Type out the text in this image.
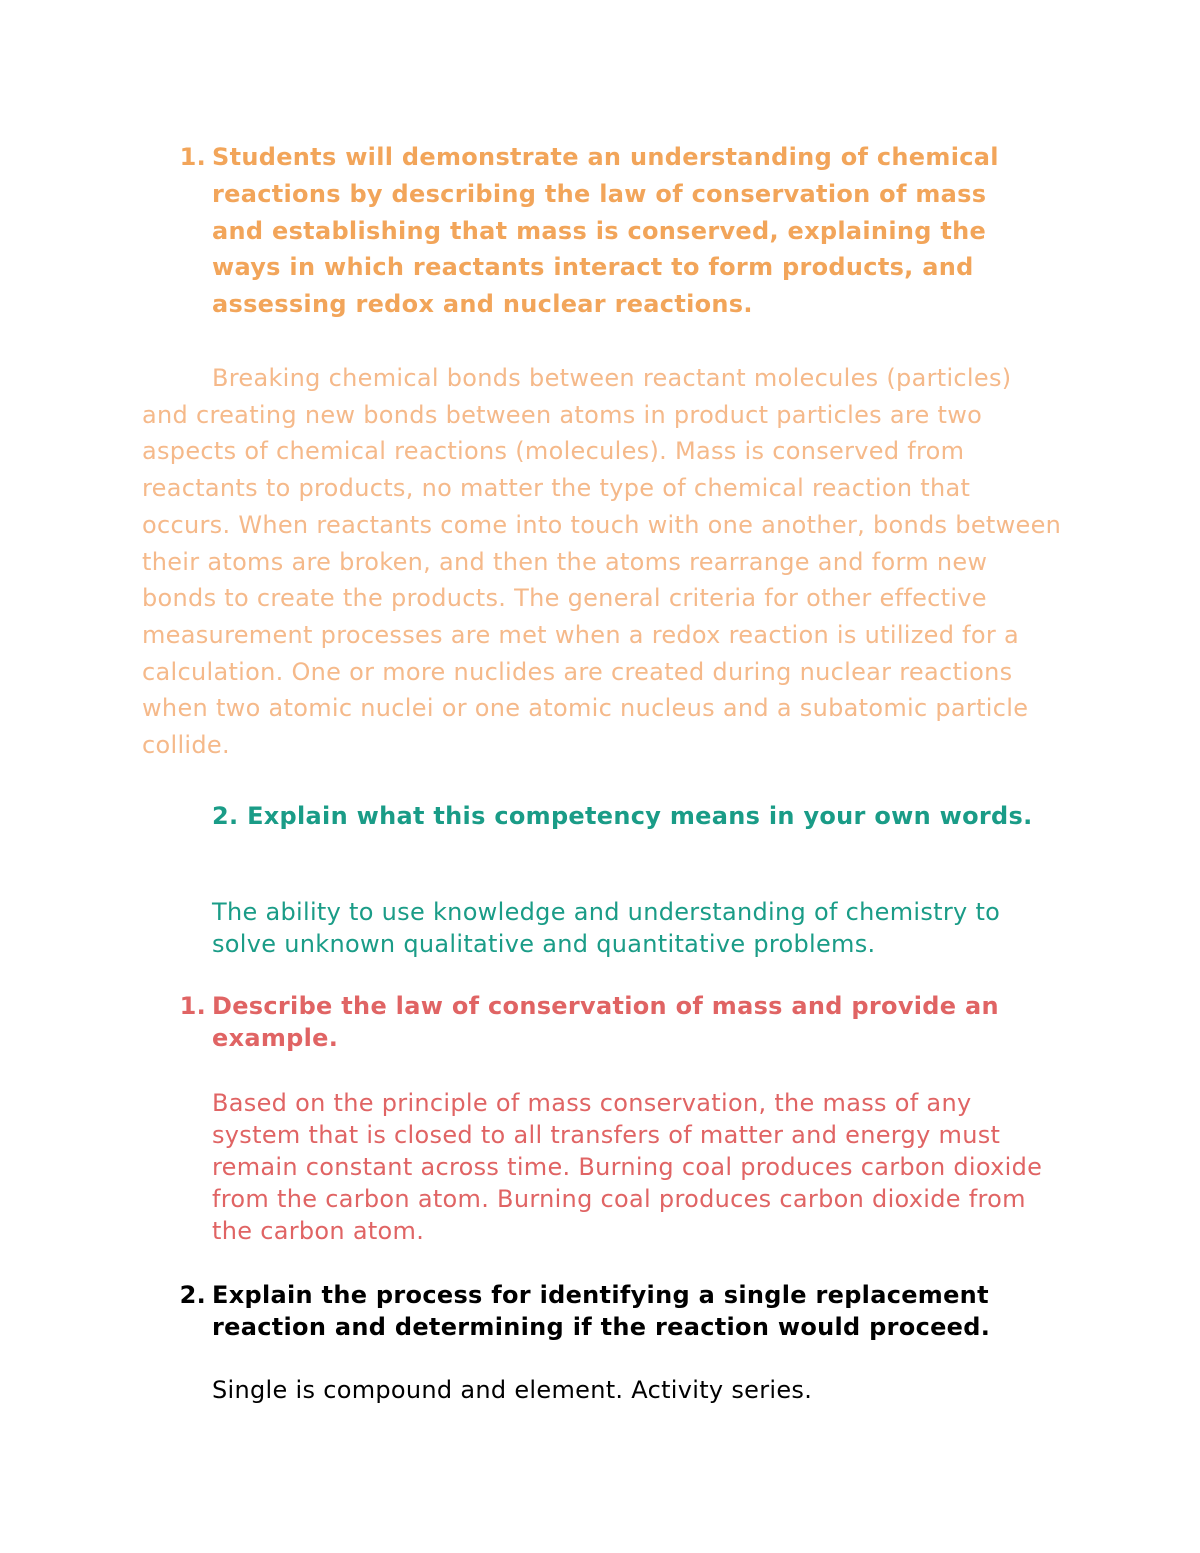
1. Students will demonstrate an understanding of chemical reactions by describing the law of conservation of mass and establishing that mass is conserved, explaining the ways in which reactants interact to form products, and assessing redox and nuclear reactions.

Breaking chemical bonds between reactant molecules (particles) and creating new bonds between atoms in product particles are two aspects of chemical reactions (molecules). Mass is conserved from reactants to products, no matter the type of chemical reaction that occurs. When reactants come into touch with one another, bonds between their atoms are broken, and then the atoms rearrange and form new bonds to create the products. The general criteria for other effective measurement processes are met when a redox reaction is utilized for a calculation. One or more nuclides are created during nuclear reactions when two atomic nuclei or one atomic nucleus and a subatomic particle collide.

2. Explain what this competency means in your own words.

The ability to use knowledge and understanding of chemistry to solve unknown qualitative and quantitative problems.

1. Describe the law of conservation of mass and provide an example.

Based on the principle of mass conservation, the mass of any system that is closed to all transfers of matter and energy must remain constant across time. Burning coal produces carbon dioxide from the carbon atom. Burning coal produces carbon dioxide from the carbon atom.

2. Explain the process for identifying a single replacement reaction and determining if the reaction would proceed.

Single is compound and element. Activity series.
